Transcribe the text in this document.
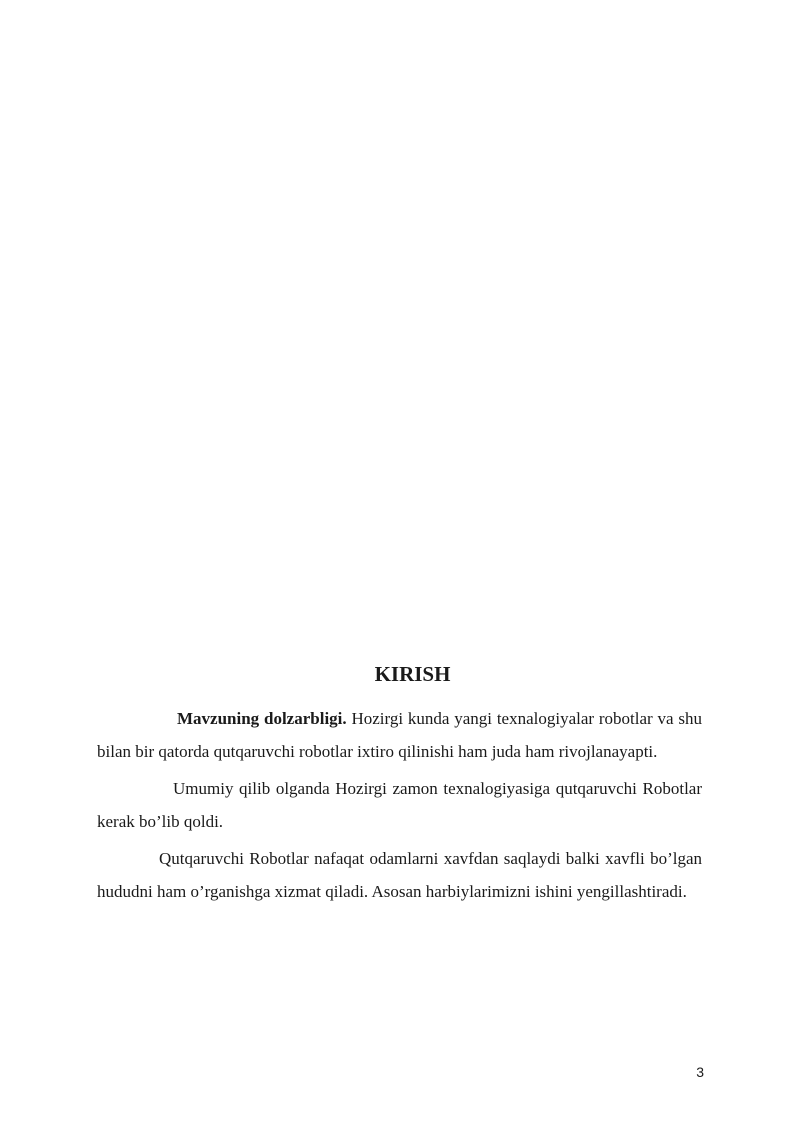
KIRISH

Mavzuning dolzarbligi. Hozirgi kunda yangi texnalogiyalar robotlar va shu bilan bir qatorda qutqaruvchi robotlar ixtiro qilinishi ham juda ham rivojlanayapti.

Umumiy qilib olganda Hozirgi zamon texnalogiyasiga qutqaruvchi Robotlar kerak bo’lib qoldi.

Qutqaruvchi Robotlar nafaqat odamlarni xavfdan saqlaydi balki xavfli bo’lgan hududni ham o’rganishga xizmat qiladi. Asosan harbiylarimizni ishini yengillashtiradi.

3
